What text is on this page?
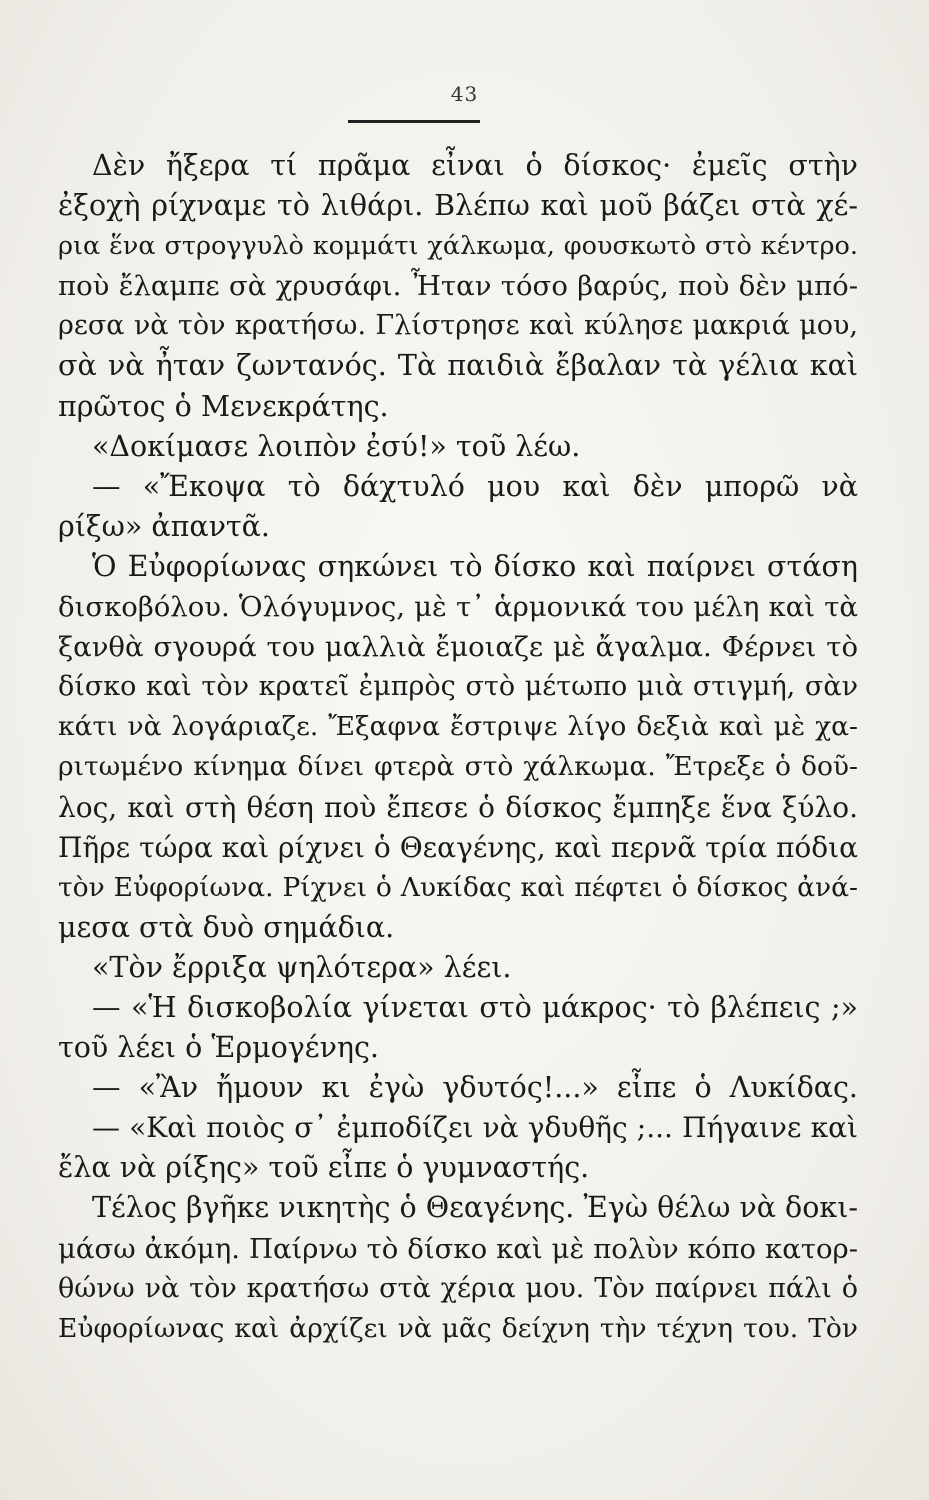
43
Δὲν ἤξερα τί πρᾶμα εἶναι ὁ δίσκος· ἐμεῖς στὴν
ἐξοχὴ ρίχναμε τὸ λιθάρι. Βλέπω καὶ μοῦ βάζει στὰ χέ-
ρια ἕνα στρογγυλὸ κομμάτι χάλκωμα, φουσκωτὸ στὸ κέντρο.
ποὺ ἔλαμπε σὰ χρυσάφι. Ἦταν τόσο βαρύς, ποὺ δὲν μπό-
ρεσα νὰ τὸν κρατήσω. Γλίστρησε καὶ κύλησε μακριά μου,
σὰ νὰ ἦταν ζωντανός. Τὰ παιδιὰ ἔβαλαν τὰ γέλια καὶ
πρῶτος ὁ Μενεκράτης.
«Δοκίμασε λοιπὸν ἐσύ!» τοῦ λέω.
— «Ἔκοψα τὸ δάχτυλό μου καὶ δὲν μπορῶ νὰ
ρίξω» ἀπαντᾶ.
Ὁ Εὐφορίωνας σηκώνει τὸ δίσκο καὶ παίρνει στάση
δισκοβόλου. Ὁλόγυμνος, μὲ τ᾽ ἁρμονικά του μέλη καὶ τὰ
ξανθὰ σγουρά του μαλλιὰ ἔμοιαζε μὲ ἄγαλμα. Φέρνει τὸ
δίσκο καὶ τὸν κρατεῖ ἐμπρὸς στὸ μέτωπο μιὰ στιγμή, σὰν
κάτι νὰ λογάριαζε. Ἔξαφνα ἔστριψε λίγο δεξιὰ καὶ μὲ χα-
ριτωμένο κίνημα δίνει φτερὰ στὸ χάλκωμα. Ἔτρεξε ὁ δοῦ-
λος, καὶ στὴ θέση ποὺ ἔπεσε ὁ δίσκος ἔμπηξε ἕνα ξύλο.
Πῆρε τώρα καὶ ρίχνει ὁ Θεαγένης, καὶ περνᾶ τρία πόδια
τὸν Εὐφορίωνα. Ρίχνει ὁ Λυκίδας καὶ πέφτει ὁ δίσκος ἀνά-
μεσα στὰ δυὸ σημάδια.
«Τὸν ἔρριξα ψηλότερα» λέει.
— «Ἡ δισκοβολία γίνεται στὸ μάκρος· τὸ βλέπεις ;»
τοῦ λέει ὁ Ἑρμογένης.
— «Ἂν ἤμουν κι ἐγὼ γδυτός!...» εἶπε ὁ Λυκίδας.
— «Καὶ ποιὸς σ᾽ ἐμποδίζει νὰ γδυθῆς ;... Πήγαινε καὶ
ἔλα νὰ ρίξης» τοῦ εἶπε ὁ γυμναστής.
Τέλος βγῆκε νικητὴς ὁ Θεαγένης. Ἐγὼ θέλω νὰ δοκι-
μάσω ἀκόμη. Παίρνω τὸ δίσκο καὶ μὲ πολὺν κόπο κατορ-
θώνω νὰ τὸν κρατήσω στὰ χέρια μου. Τὸν παίρνει πάλι ὁ
Εὐφορίωνας καὶ ἀρχίζει νὰ μᾶς δείχνη τὴν τέχνη του. Τὸν
